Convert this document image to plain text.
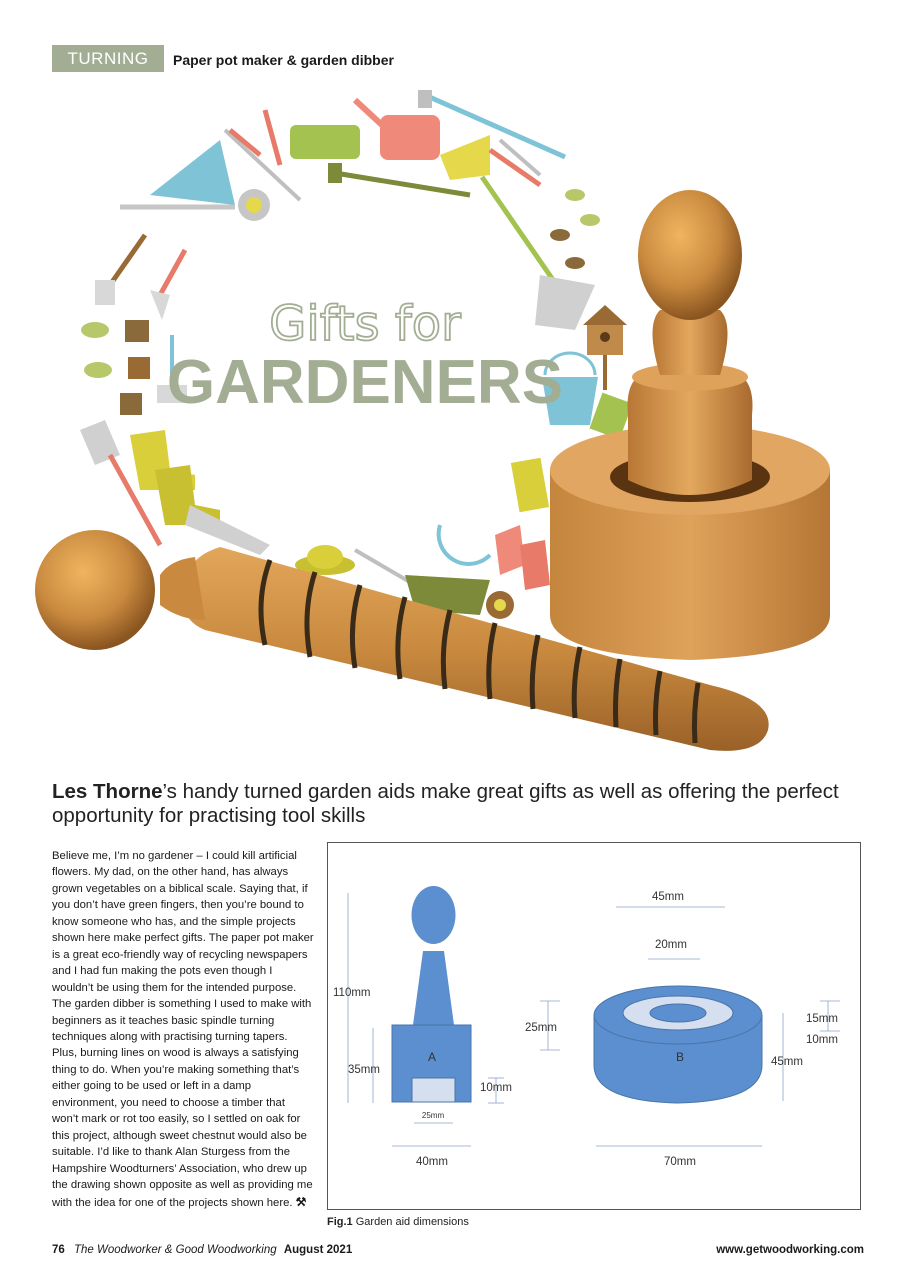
TURNING	Paper pot maker & garden dibber
Gifts for
GARDENERS
Les Thorne’s handy turned garden aids make great gifts as well as offering the perfect opportunity for practising tool skills

Believe me, I’m no gardener – I could kill artificial flowers. My dad, on the other hand, has always grown vegetables on a biblical scale. Saying that, if you don’t have green fingers, then you’re bound to know someone who has, and the simple projects shown here make perfect gifts. The paper pot maker is a great eco-friendly way of recycling newspapers and I had fun making the pots even though I wouldn’t be using them for the intended purpose. The garden dibber is something I used to make with beginners as it teaches basic spindle turning techniques along with practising turning tapers. Plus, burning lines on wood is always a satisfying thing to do. When you’re making something that’s either going to be used or left in a damp environment, you need to choose a timber that won’t mark or rot too easily, so I settled on oak for this project, although sweet chestnut would also be suitable. I’d like to thank Alan Sturgess from the Hampshire Woodturners’ Association, who drew up the drawing shown opposite as well as providing me with the idea for one of the projects shown here. ⚒

A
110mm
35mm
10mm
25mm
40mm
B
45mm
20mm
25mm
15mm
10mm
45mm
70mm
Fig.1 Garden aid dimensions
76 The Woodworker & Good Woodworking August 2021	www.getwoodworking.com
